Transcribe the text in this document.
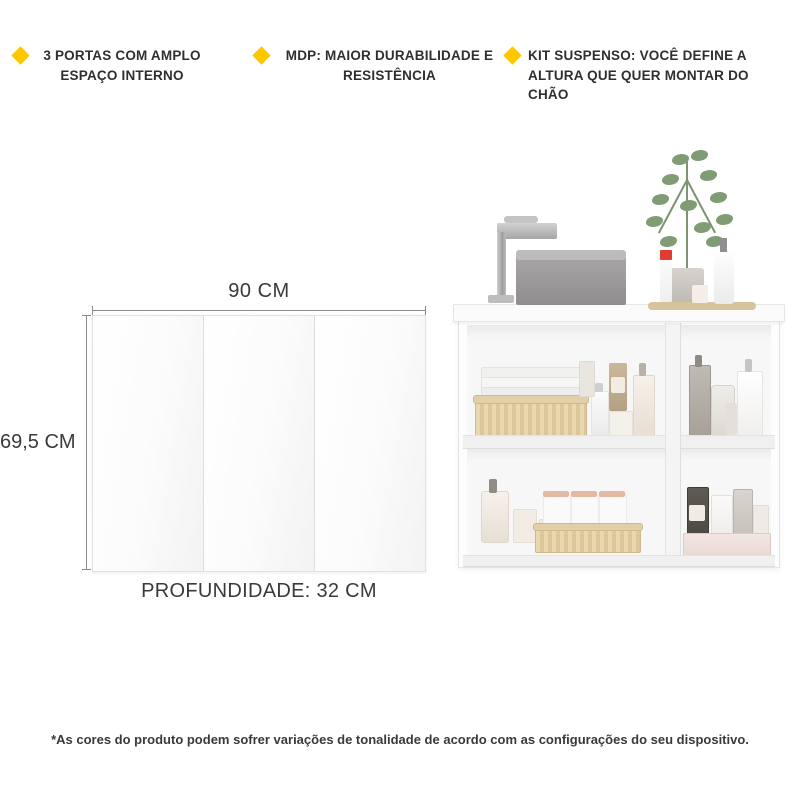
3 PORTAS COM AMPLO ESPAÇO INTERNO
MDP: MAIOR DURABILIDADE E RESISTÊNCIA
KIT SUSPENSO: VOCÊ DEFINE A ALTURA QUE QUER MONTAR DO CHÃO
90 CM
69,5 CM
PROFUNDIDADE: 32 CM
*As cores do produto podem sofrer variações de tonalidade de acordo com as configurações do seu dispositivo.
